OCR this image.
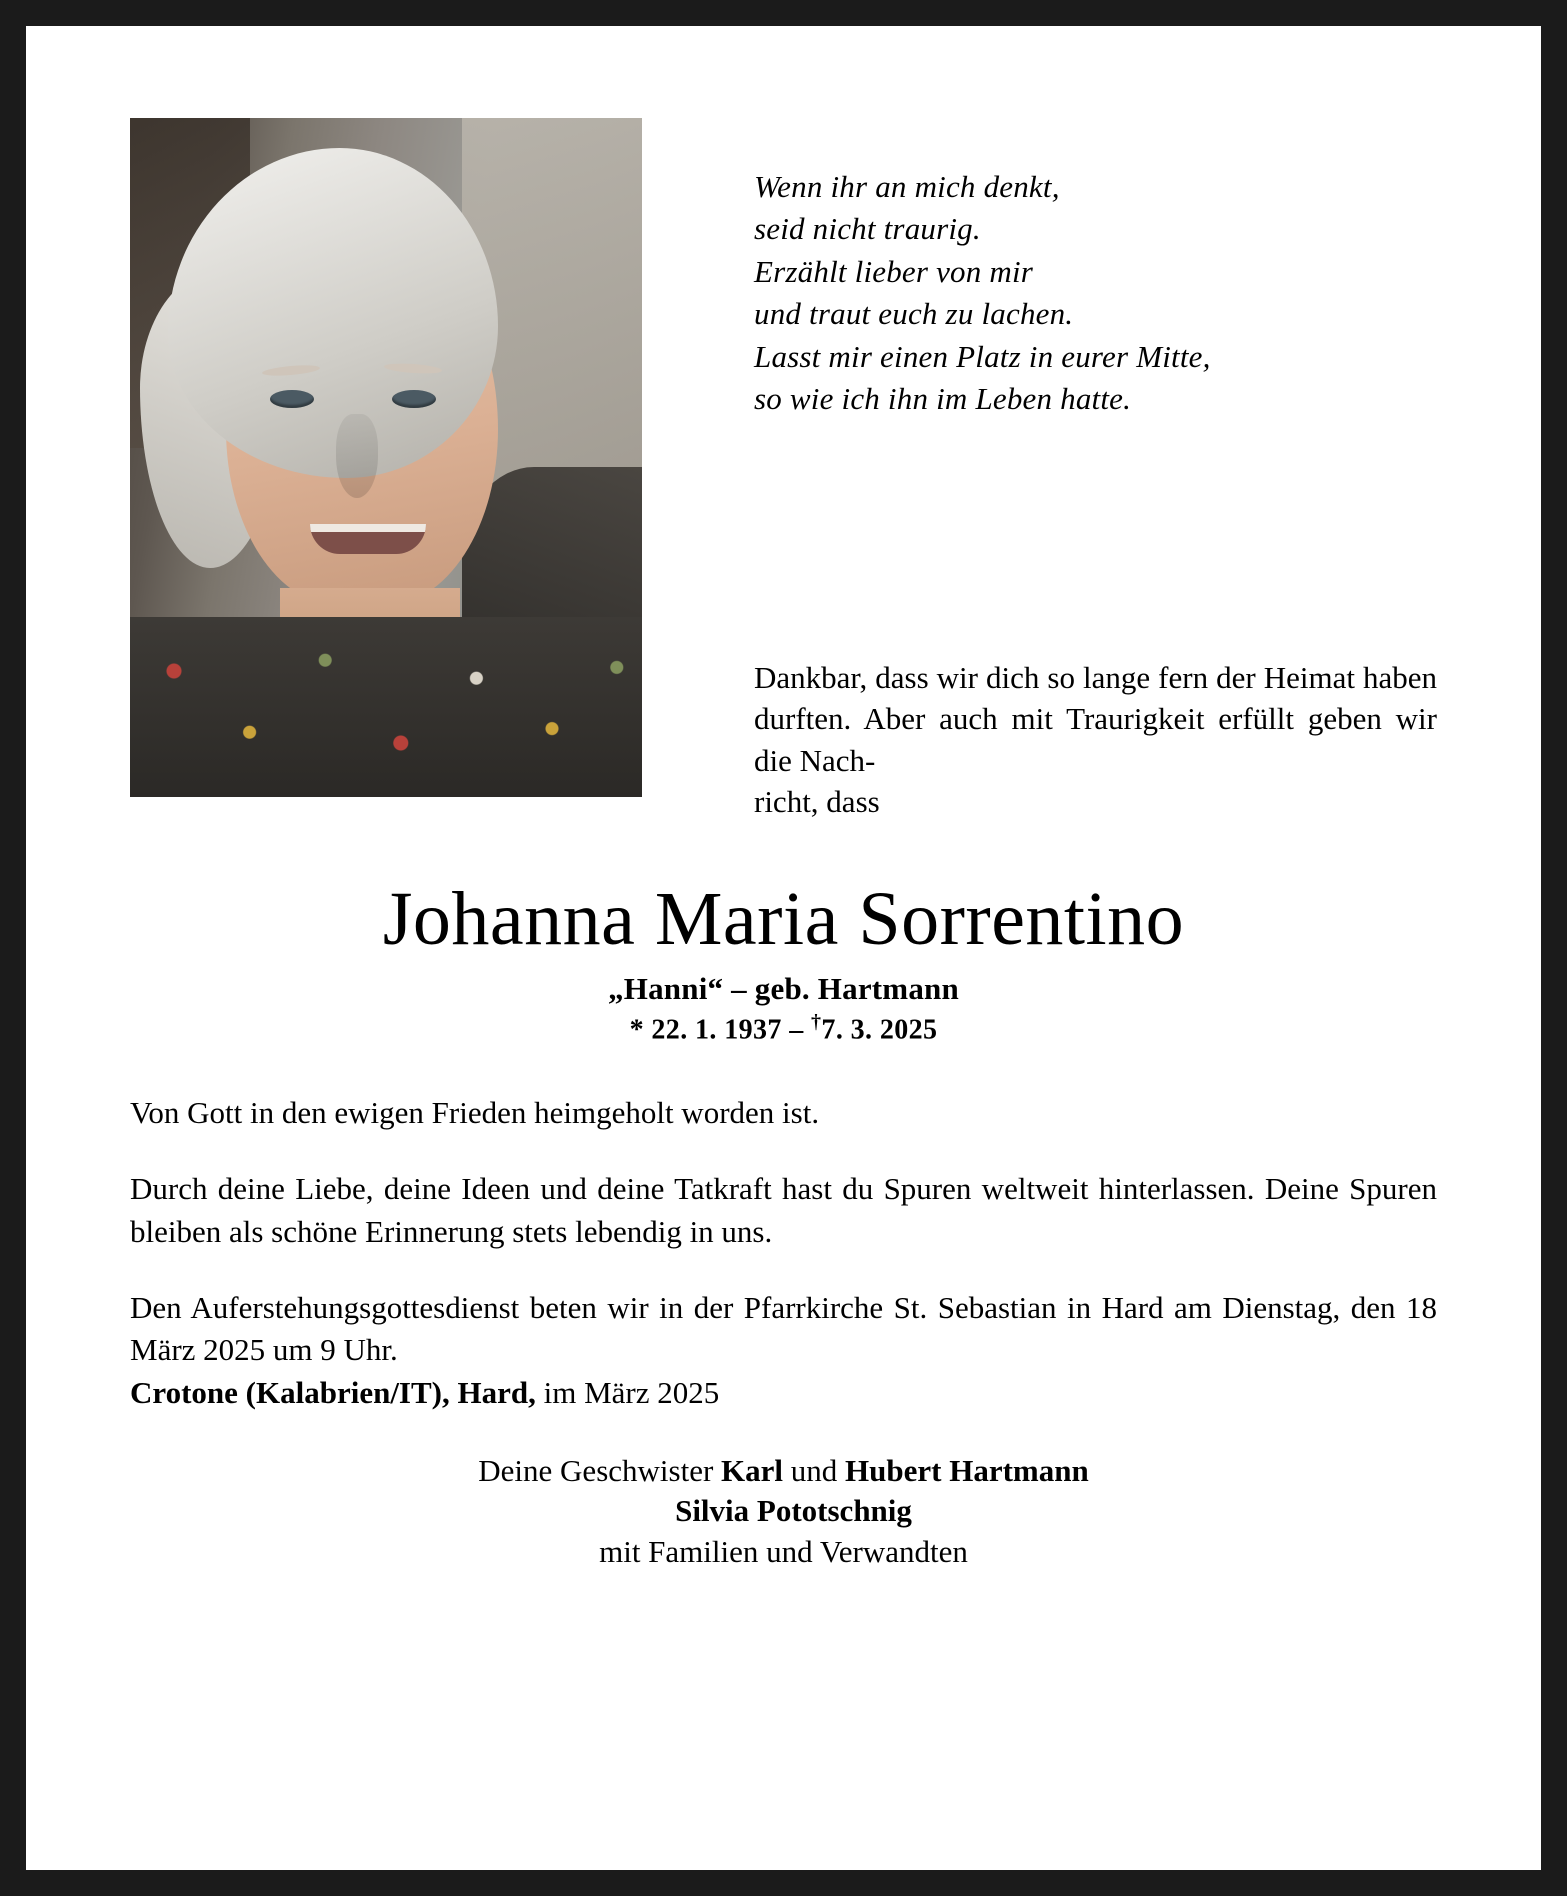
Wenn ihr an mich denkt,
seid nicht traurig.
Erzählt lieber von mir
und traut euch zu lachen.
Lasst mir einen Platz in eurer Mitte,
so wie ich ihn im Leben hatte.
Dankbar, dass wir dich so lange fern der Heimat haben durften. Aber auch mit Traurigkeit erfüllt geben wir die Nach-
richt, dass
Johanna Maria Sorrentino
„Hanni“ – geb. Hartmann
* 22. 1. 1937 – †7. 3. 2025

Von Gott in den ewigen Frieden heimgeholt worden ist.

Durch deine Liebe, deine Ideen und deine Tatkraft hast du Spuren weltweit hinterlassen. Deine Spuren bleiben als schöne Erinnerung stets lebendig in uns.

Den Auferstehungsgottesdienst beten wir in der Pfarrkirche St. Sebastian in Hard am Dienstag, den 18 März 2025 um 9 Uhr.

Crotone (Kalabrien/IT), Hard, im März 2025
Deine Geschwister Karl und Hubert Hartmann
Silvia Pototschnig
mit Familien und Verwandten
